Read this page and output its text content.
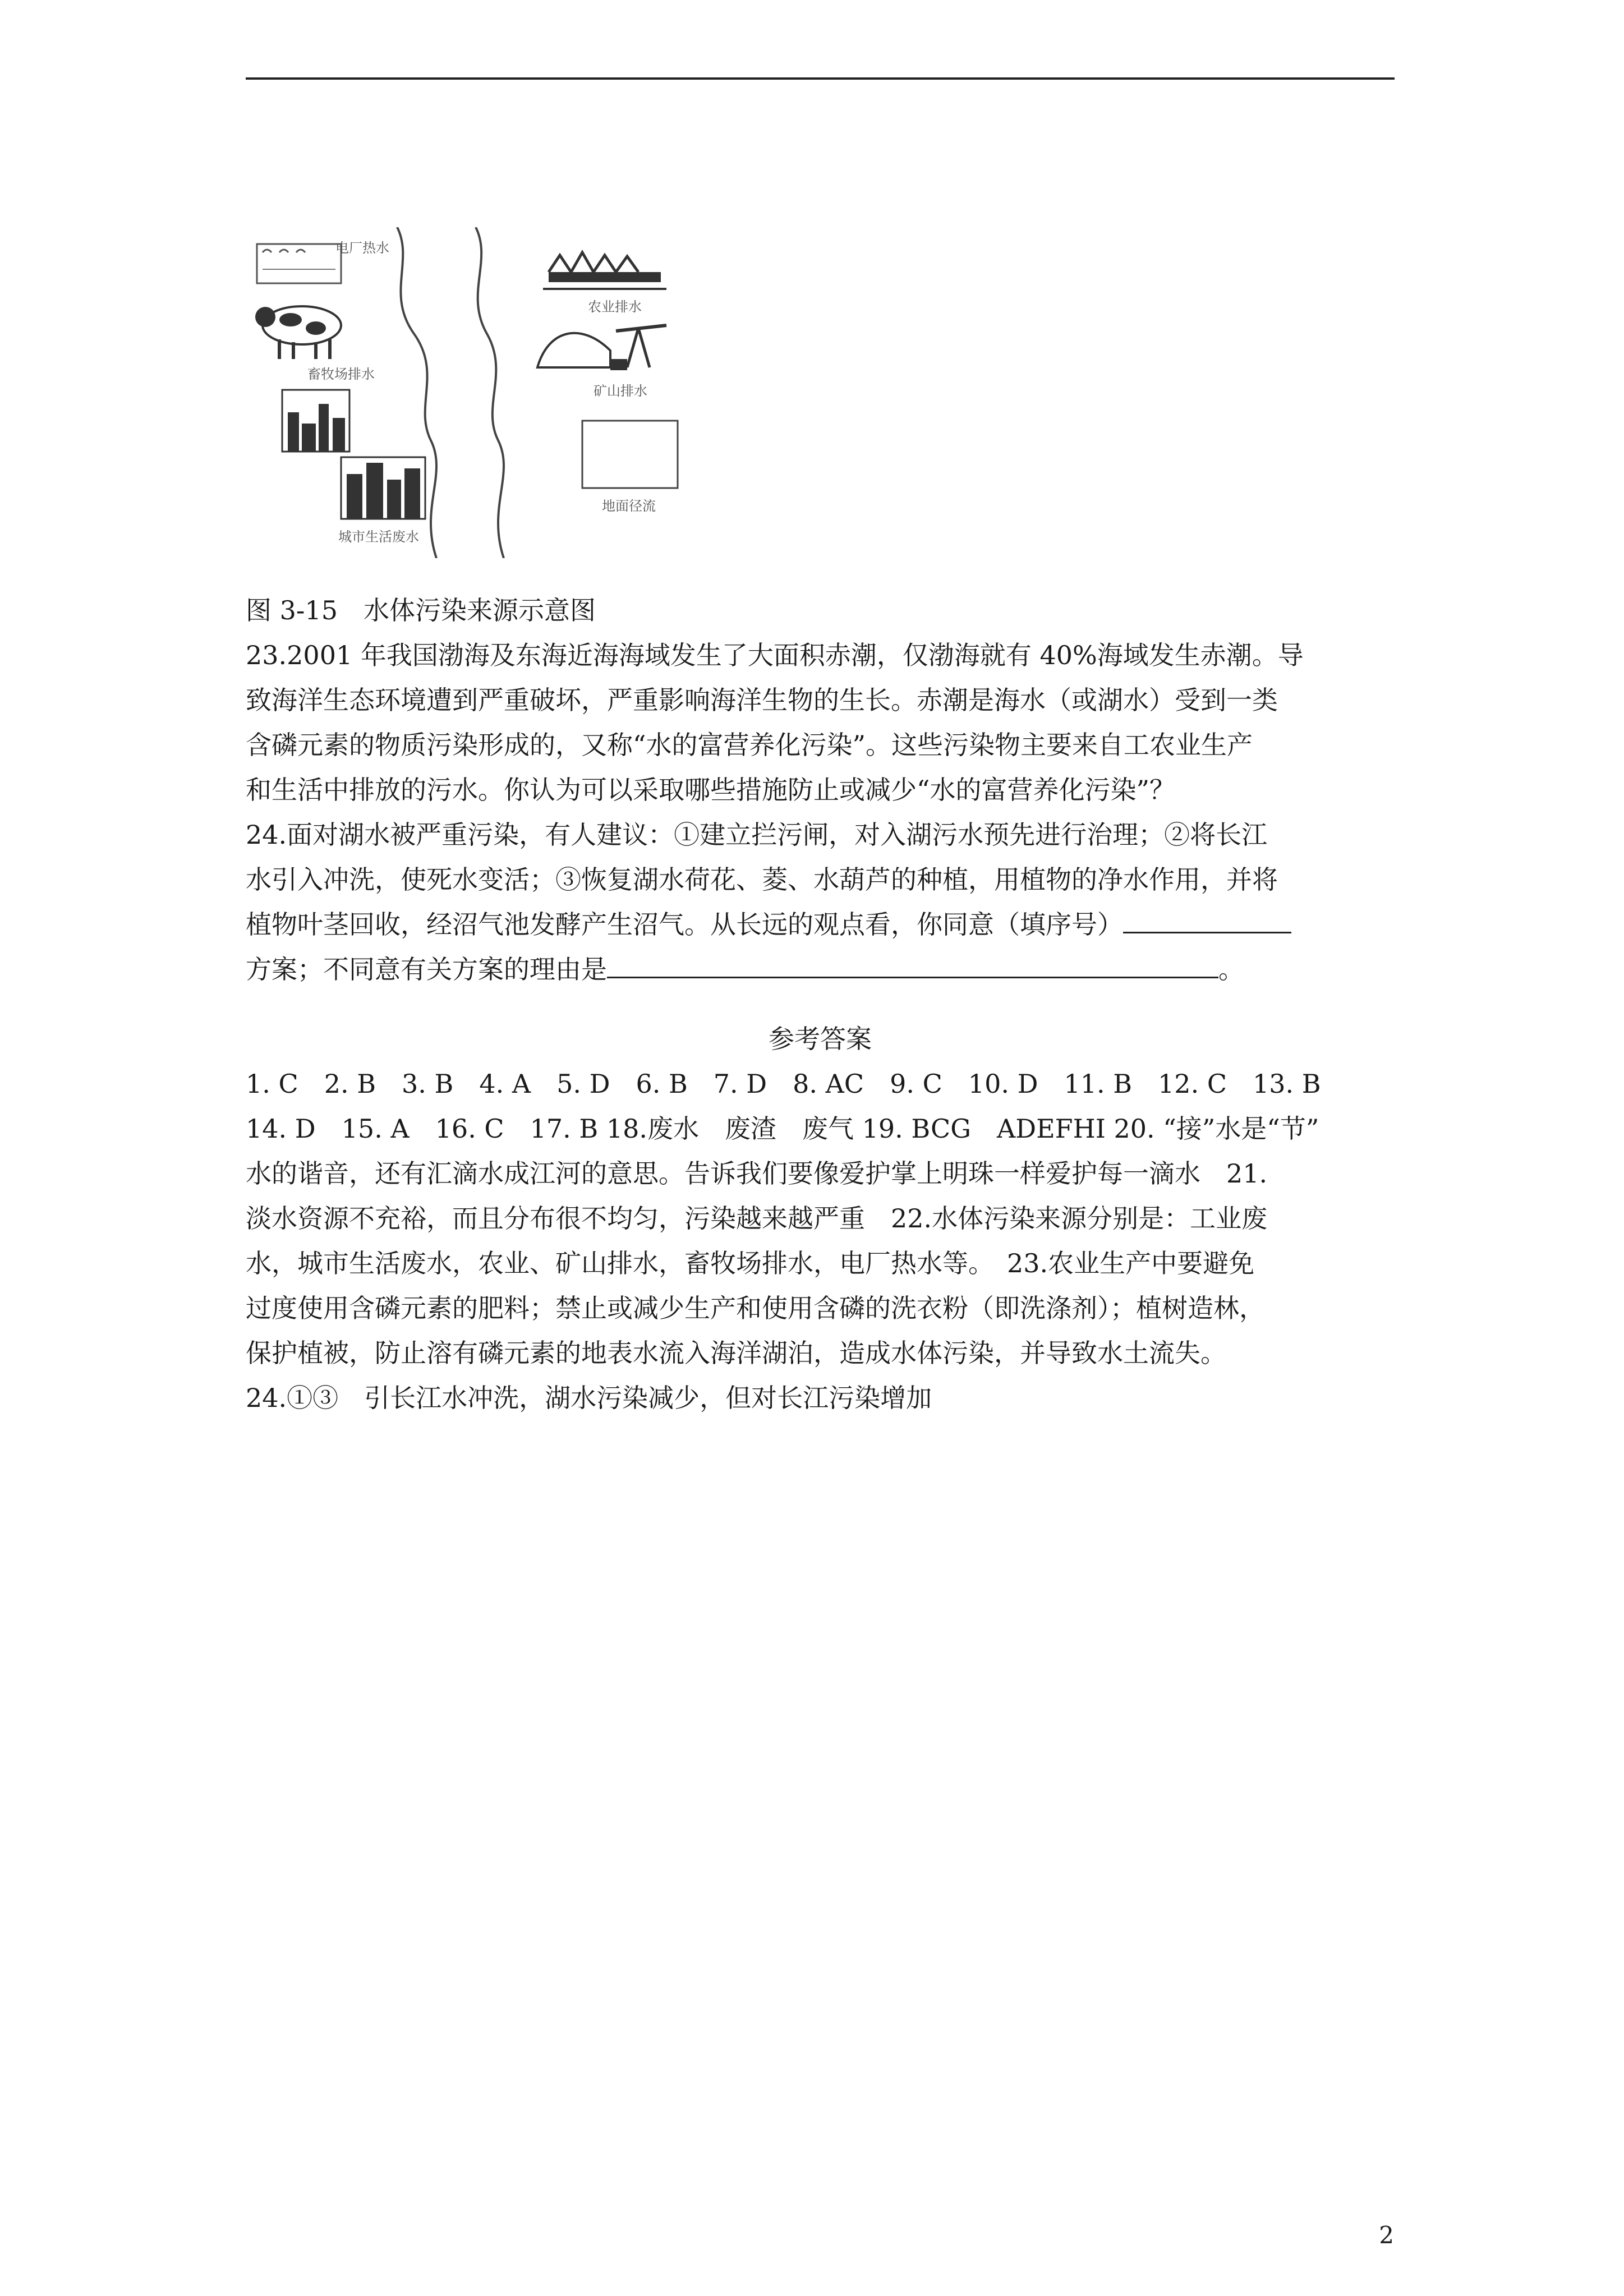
电厂热水
畜牧场排水
城市生活废水
农业排水
矿山排水
地面径流

图 3-15　水体污染来源示意图

23.2001 年我国渤海及东海近海海域发生了大面积赤潮，仅渤海就有 40%海域发生赤潮。导

致海洋生态环境遭到严重破坏，严重影响海洋生物的生长。赤潮是海水（或湖水）受到一类

含磷元素的物质污染形成的，又称“水的富营养化污染”。这些污染物主要来自工农业生产

和生活中排放的污水。你认为可以采取哪些措施防止或减少“水的富营养化污染”？

24.面对湖水被严重污染，有人建议：①建立拦污闸，对入湖污水预先进行治理；②将长江

水引入冲洗，使死水变活；③恢复湖水荷花、菱、水葫芦的种植，用植物的净水作用，并将

植物叶茎回收，经沼气池发酵产生沼气。从长远的观点看，你同意（填序号）

方案；不同意有关方案的理由是	。

参考答案

1. C　2. B　3. B　4. A　5. D　6. B　7. D　8. AC　9. C　10. D　11. B　12. C　13. B

14. D　15. A　16. C　17. B 18.废水　废渣　废气 19. BCG　ADEFHI 20. “接”水是“节”

水的谐音，还有汇滴水成江河的意思。告诉我们要像爱护掌上明珠一样爱护每一滴水　21.

淡水资源不充裕，而且分布很不均匀，污染越来越严重　22.水体污染来源分别是：工业废

水，城市生活废水，农业、矿山排水，畜牧场排水，电厂热水等。　23.农业生产中要避免

过度使用含磷元素的肥料；禁止或减少生产和使用含磷的洗衣粉（即洗涤剂）；植树造林，

保护植被，防止溶有磷元素的地表水流入海洋湖泊，造成水体污染，并导致水土流失。

24.①③　引长江水冲洗，湖水污染减少，但对长江污染增加

2
